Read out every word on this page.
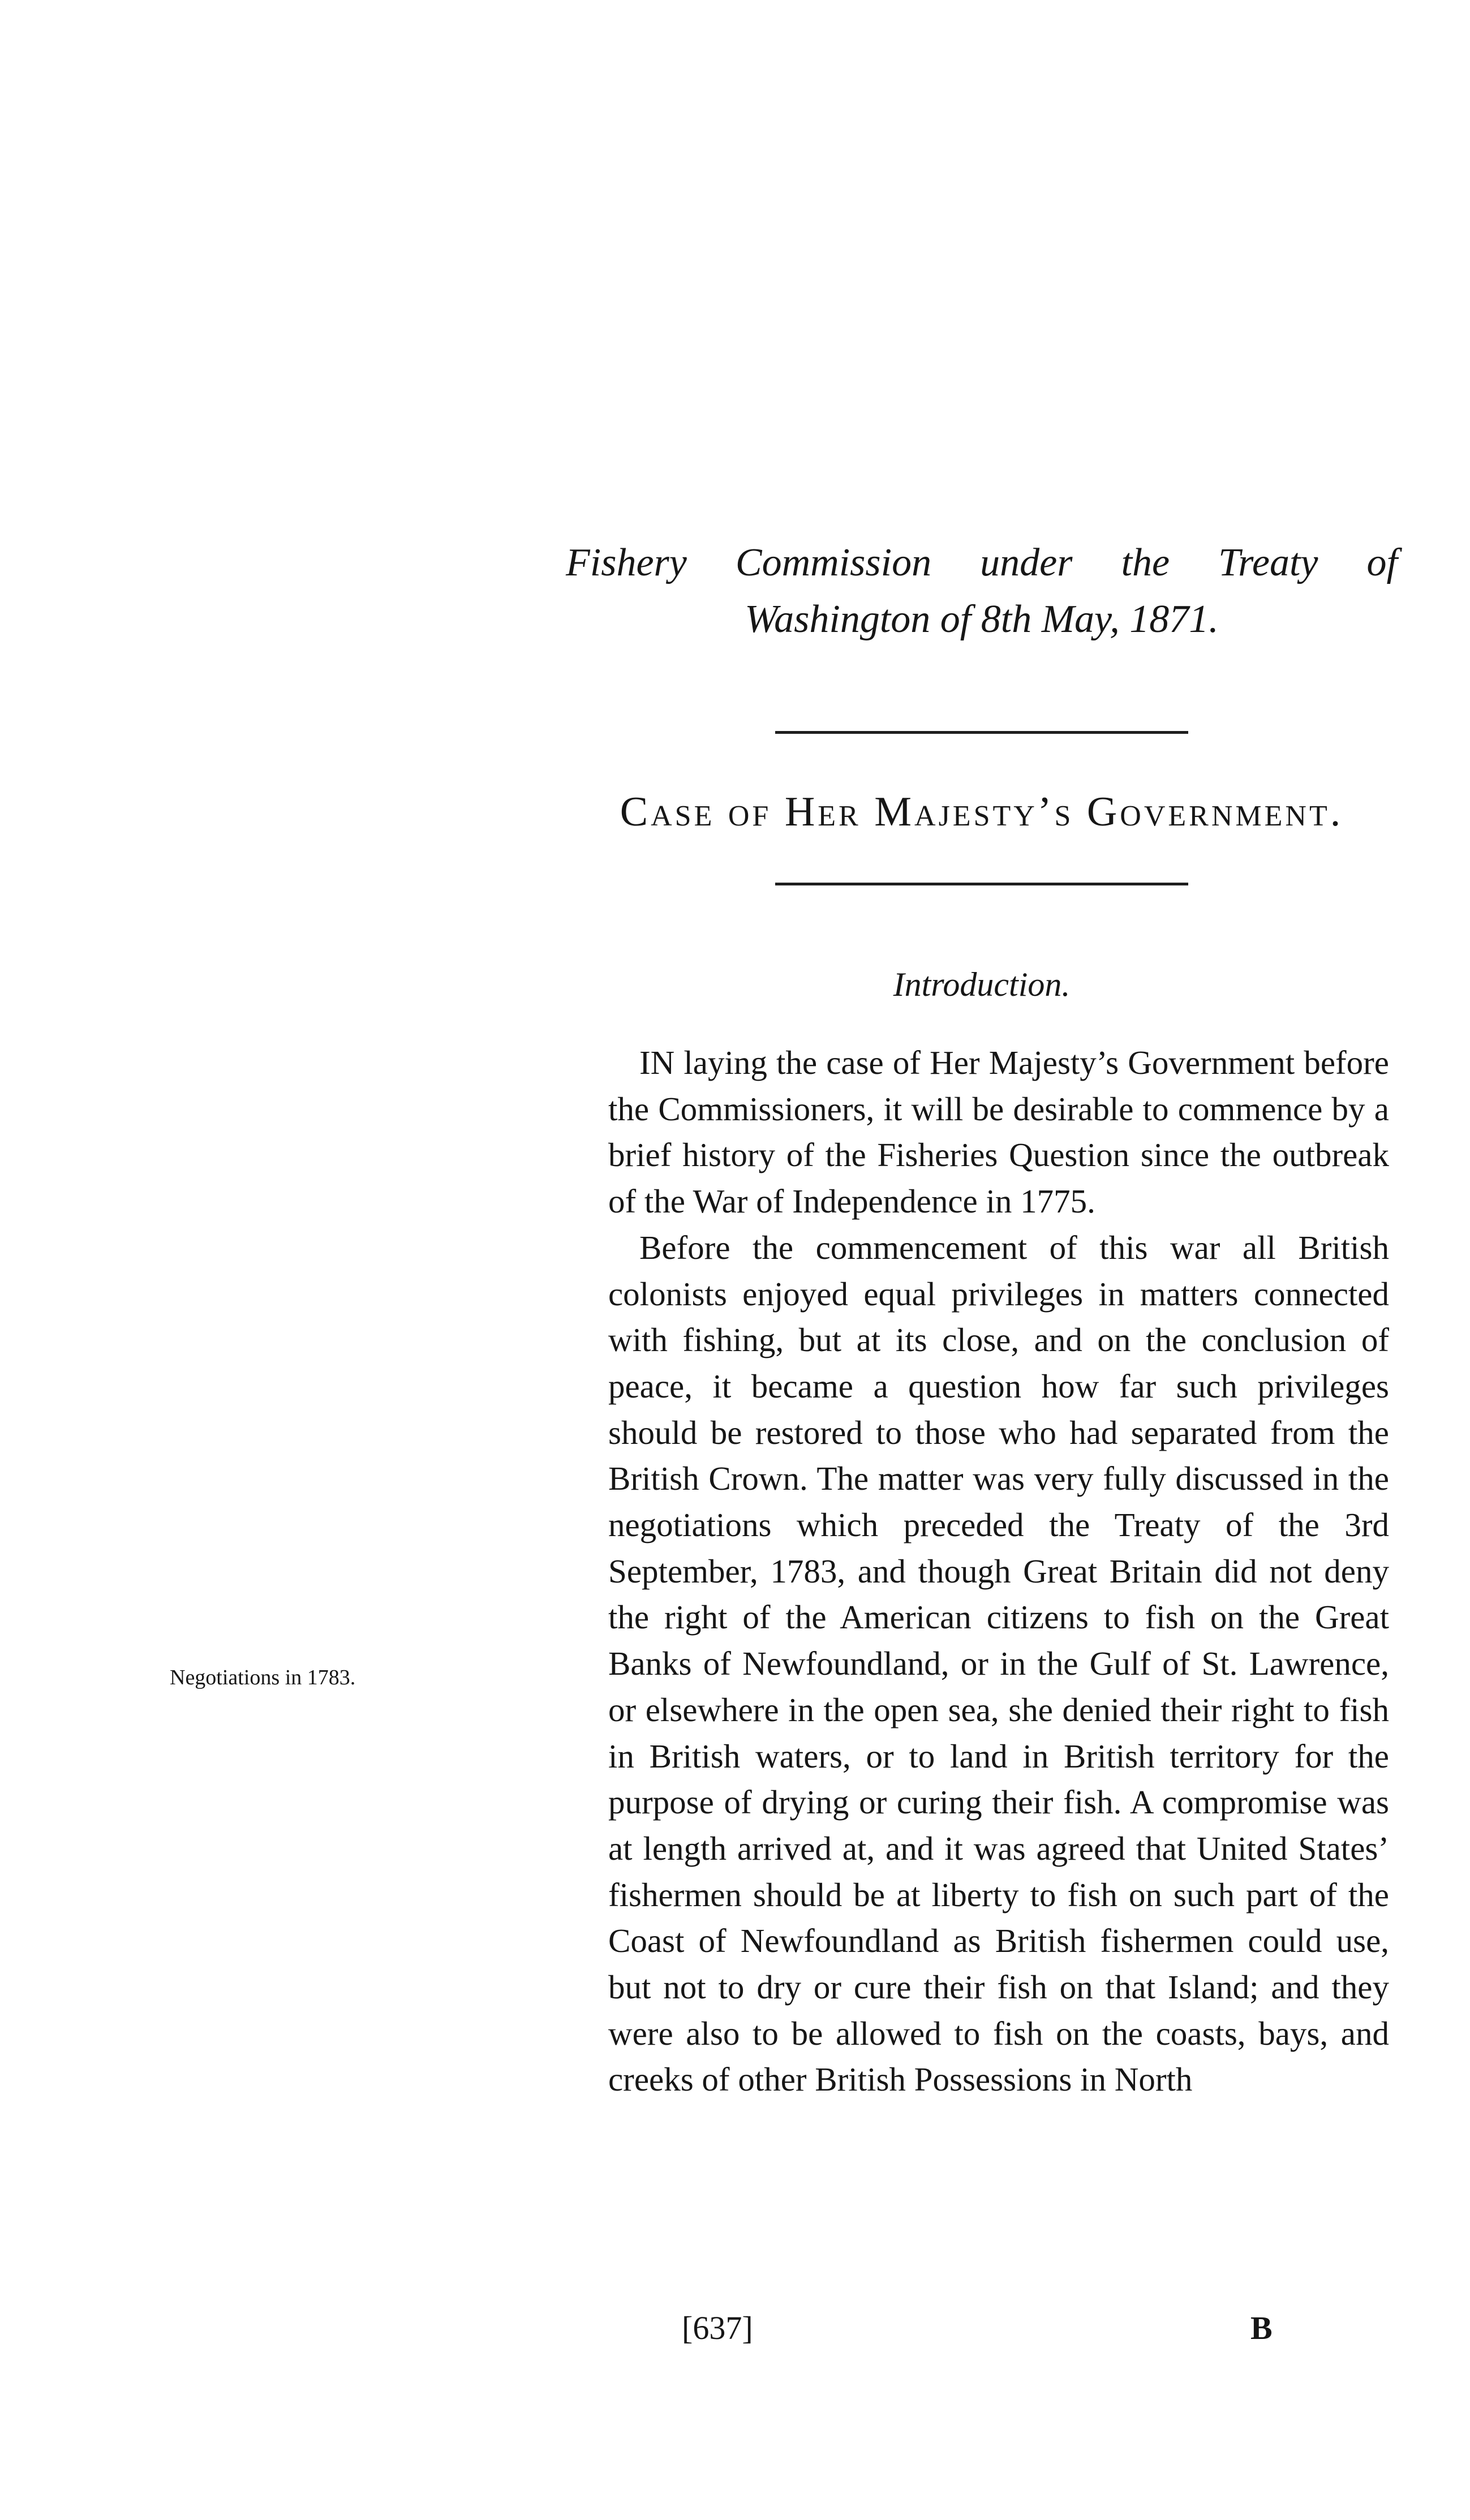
Fishery Commission under the Treaty of
Washington of 8th May, 1871.
Case of Her Majesty’s Government.
Introduction.

IN laying the case of Her Majesty’s Government before the Commissioners, it will be desirable to commence by a brief history of the Fisheries Question since the outbreak of the War of Independence in 1775.

Before the commencement of this war all British colonists enjoyed equal privileges in matters connected with fishing, but at its close, and on the conclusion of peace, it became a question how far such privileges should be restored to those who had separated from the British Crown. The matter was very fully discussed in the negotiations which preceded the Treaty of the 3rd September, 1783, and though Great Britain did not deny the right of the American citizens to fish on the Great Banks of Newfoundland, or in the Gulf of St. Lawrence, or elsewhere in the open sea, she denied their right to fish in British waters, or to land in British territory for the purpose of drying or curing their fish. A compromise was at length arrived at, and it was agreed that United States’ fishermen should be at liberty to fish on such part of the Coast of Newfoundland as British fishermen could use, but not to dry or cure their fish on that Island; and they were also to be allowed to fish on the coasts, bays, and creeks of other British Possessions in North

Negotiations in 1783.
[637]	B
